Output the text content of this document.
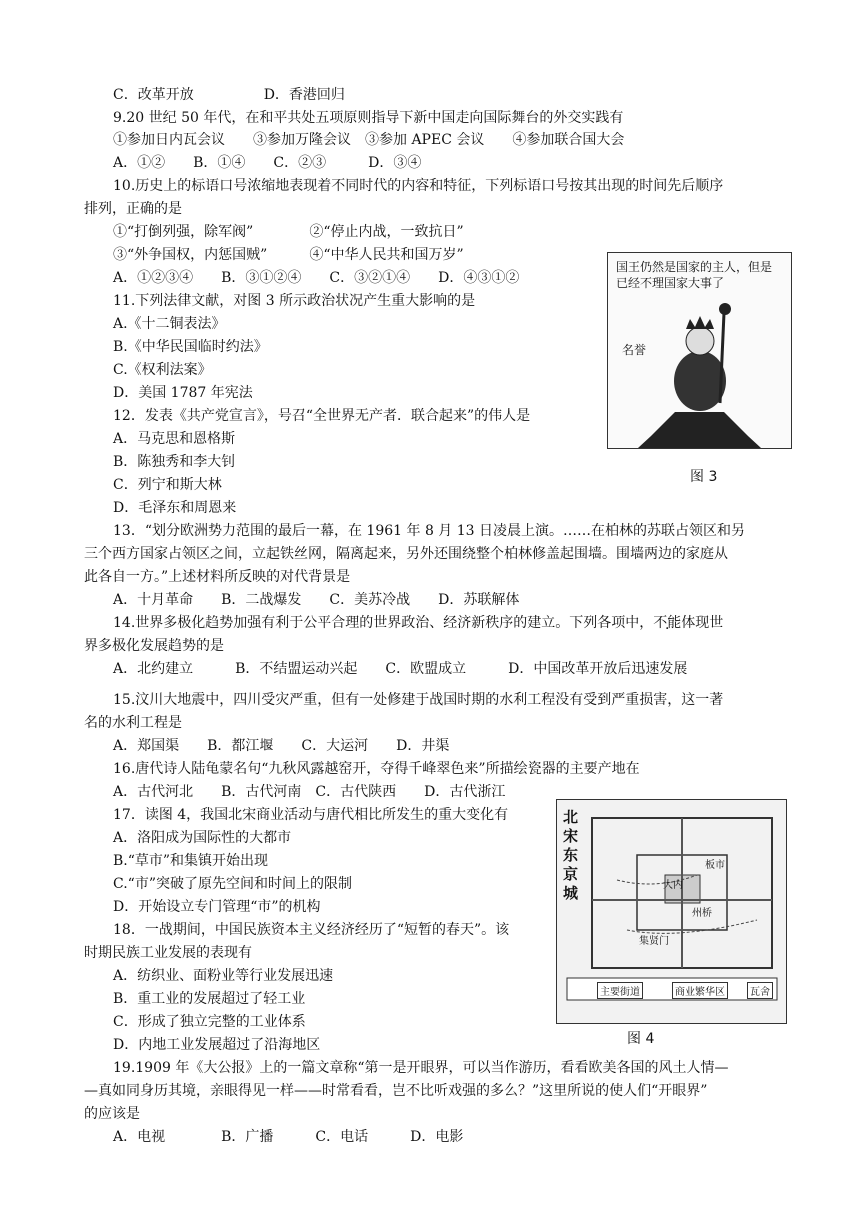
C．改革开放　　　　　D．香港回归
9.20 世纪 50 年代，在和平共处五项原则指导下新中国走向国际舞台的外交实践有
①参加日内瓦会议　　③参加万隆会议　③参加 APEC 会议　　④参加联合国大会
A．①②　　B．①④　　C．②③　　　D．③④
10.历史上的标语口号浓缩地表现着不同时代的内容和特征，下列标语口号按其出现的时间先后顺序
排列，正确的是
①“打倒列强，除军阀”　　　　②“停止内战，一致抗日”
③“外争国权，内惩国贼”　　　④“中华人民共和国万岁”
A．①②③④　　B．③①②④　　C．③②①④　　D．④③①②
11.下列法律文献，对图 3 所示政治状况产生重大影响的是
A.《十二铜表法》
B.《中华民国临时约法》
C.《权利法案》
D．美国 1787 年宪法
12．发表《共产党宣言》，号召“全世界无产者．联合起来”的伟人是
A．马克思和恩格斯
B．陈独秀和李大钊
C．列宁和斯大林
D．毛泽东和周恩来
13．“划分欧洲势力范围的最后一幕，在 1961 年 8 月 13 日凌晨上演。……在柏林的苏联占领区和另
三个西方国家占领区之间，立起铁丝网，隔离起来，另外还围绕整个柏林修盖起围墙。围墙两边的家庭从
此各自一方。”上述材料所反映的对代背景是
A．十月革命　　B．二战爆发　　C．美苏冷战　　D．苏联解体
15.汶川大地震中，四川受灾严重，但有一处修建于战国时期的水利工程没有受到严重损害，这一著
名的水利工程是
A．郑国渠　　B．都江堰　　C．大运河　　D．井渠
16.唐代诗人陆龟蒙名句“九秋风露越窑开，夺得千峰翠色来”所描绘瓷器的主要产地在
A．古代河北　　B．古代河南　C．古代陕西　　D．古代浙江
17．读图 4，我国北宋商业活动与唐代相比所发生的重大变化有
A．洛阳成为国际性的大都市
B.“草市”和集镇开始出现
C.“市”突破了原先空间和时间上的限制
D．开始设立专门管理“市”的机构
18．一战期间，中国民族资本主义经济经历了“短暂的春天”。该
时期民族工业发展的表现有
A．纺织业、面粉业等行业发展迅速
B．重工业的发展超过了轻工业
C．形成了独立完整的工业体系
D．内地工业发展超过了沿海地区
19.1909 年《大公报》上的一篇文章称“第一是开眼界，可以当作游历，看看欧美各国的风土人情—
—真如同身历其境，亲眼得见一样——时常看看，岂不比听戏强的多么？”这里所说的使人们“开眼界”
的应该是
A．电视　　　　B．广播　　　C．电话　　　D．电影
14.世界多极化趋势加强有利于公平合理的世界政治、经济新秩序的建立。下列各项中，不能体现世
界多极化发展趋势的是
A．北约建立　　　B．不结盟运动兴起　　C．欧盟成立　　　D．中国改革开放后迅速发展
国王仍然是国家的主人，但是
已经不理国家大事了
名誉
图 3
北宋东京城	大内
板市
州桥
集贤门
主要街道	商业繁华区	瓦舍
图 4
